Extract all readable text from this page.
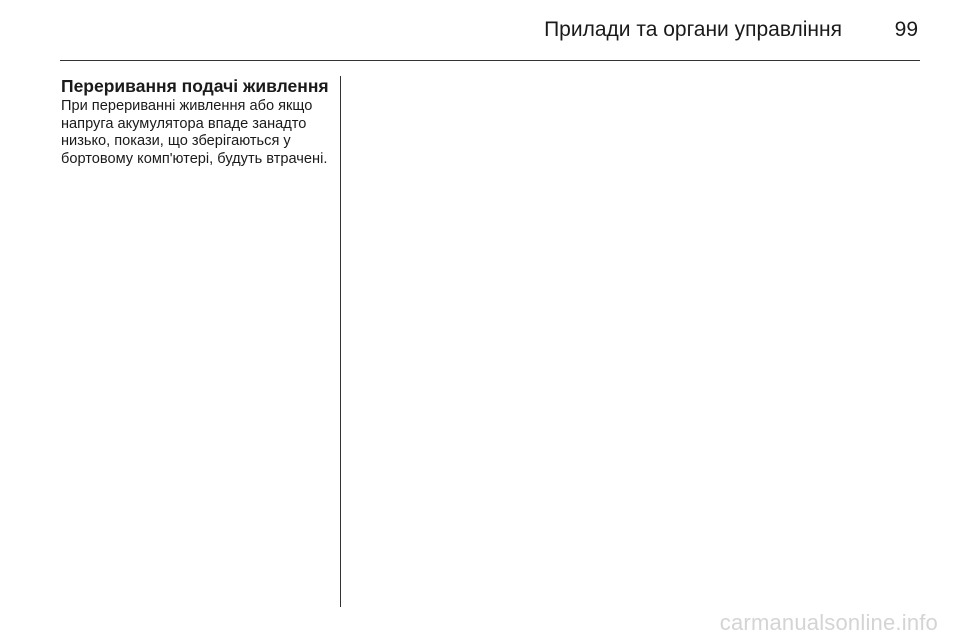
Прилади та органи управління	99
Переривання подачі живлення

При перериванні живлення або якщо напруга акумулятора впаде занадто низько, покази, що зберігаються у бортовому комп'ютері, будуть втрачені.

carmanualsonline.info
